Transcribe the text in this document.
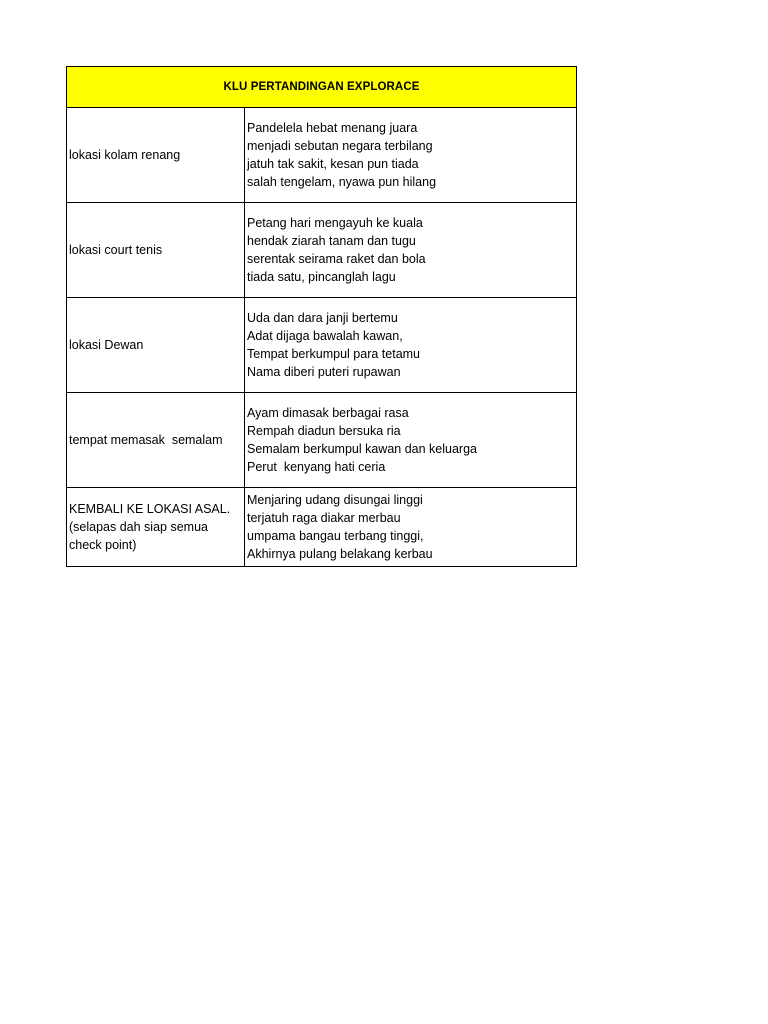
KLU PERTANDINGAN EXPLORACE	

lokasi kolam renang	Pandelela hebat menang juara
menjadi sebutan negara terbilang
jatuh tak sakit, kesan pun tiada
salah tengelam, nyawa pun hilang

lokasi court tenis	Petang hari mengayuh ke kuala
hendak ziarah tanam dan tugu
serentak seirama raket dan bola
tiada satu, pincanglah lagu

lokasi Dewan	Uda dan dara janji bertemu
Adat dijaga bawalah kawan,
Tempat berkumpul para tetamu
Nama diberi puteri rupawan

tempat memasak  semalam	Ayam dimasak berbagai rasa
Rempah diadun bersuka ria
Semalam berkumpul kawan dan keluarga
Perut  kenyang hati ceria

KEMBALI KE LOKASI ASAL.
(selapas dah siap semua
check point)	Menjaring udang disungai linggi
terjatuh raga diakar merbau
umpama bangau terbang tinggi,
Akhirnya pulang belakang kerbau
